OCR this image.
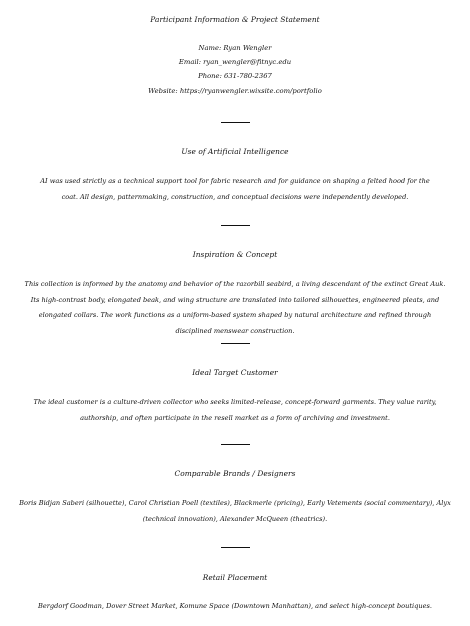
Participant Information & Project Statement
Name: Ryan Wengler
Email: ryan_wengler@fitnyc.edu
Phone: 631-780-2367
Website: https://ryanwengler.wixsite.com/portfolio
Use of Artificial Intelligence
AI was used strictly as a technical support tool for fabric research and for guidance on shaping a felted hood for the coat. All design, patternmaking, construction, and conceptual decisions were independently developed.
Inspiration & Concept
This collection is informed by the anatomy and behavior of the razorbill seabird, a living descendant of the extinct Great Auk. Its high-contrast body, elongated beak, and wing structure are translated into tailored silhouettes, engineered pleats, and elongated collars. The work functions as a uniform-based system shaped by natural architecture and refined through disciplined menswear construction.
Ideal Target Customer
The ideal customer is a culture-driven collector who seeks limited-release, concept-forward garments. They value rarity, authorship, and often participate in the resell market as a form of archiving and investment.
Comparable Brands / Designers
Boris Bidjan Saberi (silhouette), Carol Christian Poell (textiles), Blackmerle (pricing), Early Vetements (social commentary), Alyx (technical innovation), Alexander McQueen (theatrics).
Retail Placement
Bergdorf Goodman, Dover Street Market, Komune Space (Downtown Manhattan), and select high-concept boutiques.
